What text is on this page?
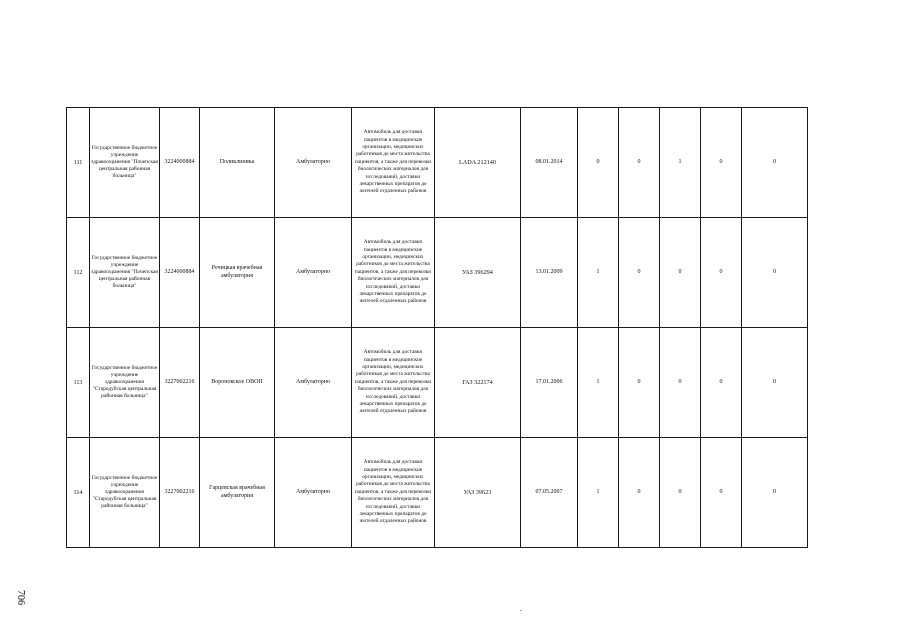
111	Государственное бюджетное учреждение здравоохранения "Почепская центральная районная больница"	3224000884	Поликлиника	Амбулаторно	Автомобиль для доставки пациентов в медицинские организации, медицинских работников до места жительства пациентов, а также для перевозки биологических материалов для исследований, доставки лекарственных препаратов до жителей отдаленных районов	LADA 212140	08.01.2014	0	0	1	0	0
112	Государственное бюджетное учреждение здравоохранения "Почепская центральная районная больница"	3224000884	Речицкая врачебная амбулатория	Амбулаторно	Автомобиль для доставки пациентов в медицинские организации, медицинских работников до места жительства пациентов, а также для перевозки биологических материалов для исследований, доставки лекарственных препаратов до жителей отдаленных районов	УАЗ 396294	13.01.2009	1	0	0	0	0
113	Государственное бюджетное учреждение здравоохранения "Стародубская центральная районная больница"	3227002216	Воронокское ОВОП	Амбулаторно	Автомобиль для доставки пациентов в медицинские организации, медицинских работников до места жительства пациентов, а также для перевозки биологических материалов для исследований, доставки лекарственных препаратов до жителей отдаленных районов	ГАЗ 322174	17.01.2006	1	0	0	0	0
114	Государственное бюджетное учреждение здравоохранения "Стародубская центральная районная больница"	3227002216	Гарцевская врачебная амбулатория	Амбулаторно	Автомобиль для доставки пациентов в медицинские организации, медицинских работников до места жительства пациентов, а также для перевозки биологических материалов для исследований, доставки лекарственных препаратов до жителей отдаленных районов	УАЗ 39623	07.05.2007	1	0	0	0	0
706
